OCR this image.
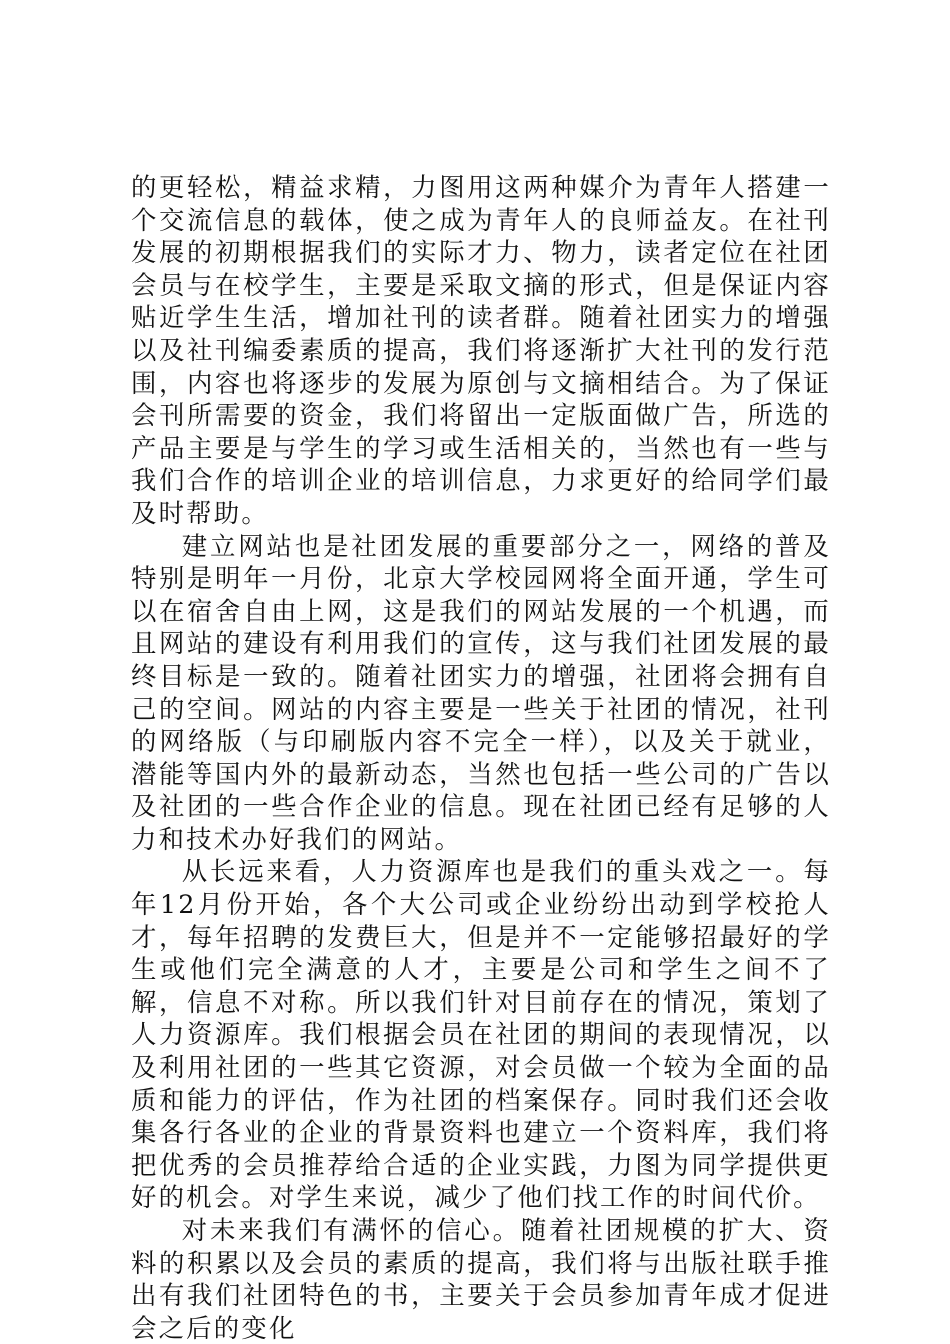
的更轻松，精益求精，力图用这两种媒介为青年人搭建一个交流信息的载体，使之成为青年人的良师益友。在社刊发展的初期根据我们的实际才力、物力，读者定位在社团会员与在校学生，主要是采取文摘的形式，但是保证内容贴近学生生活，增加社刊的读者群。随着社团实力的增强以及社刊编委素质的提高，我们将逐渐扩大社刊的发行范围，内容也将逐步的发展为原创与文摘相结合。为了保证会刊所需要的资金，我们将留出一定版面做广告，所选的产品主要是与学生的学习或生活相关的，当然也有一些与我们合作的培训企业的培训信息，力求更好的给同学们最及时帮助。

建立网站也是社团发展的重要部分之一，网络的普及特别是明年一月份，北京大学校园网将全面开通，学生可以在宿舍自由上网，这是我们的网站发展的一个机遇，而且网站的建设有利用我们的宣传，这与我们社团发展的最终目标是一致的。随着社团实力的增强，社团将会拥有自己的空间。网站的内容主要是一些关于社团的情况，社刊的网络版（与印刷版内容不完全一样），以及关于就业，潜能等国内外的最新动态，当然也包括一些公司的广告以及社团的一些合作企业的信息。现在社团已经有足够的人力和技术办好我们的网站。

从长远来看，人力资源库也是我们的重头戏之一。每年12月份开始，各个大公司或企业纷纷出动到学校抢人才，每年招聘的发费巨大，但是并不一定能够招最好的学生或他们完全满意的人才，主要是公司和学生之间不了解，信息不对称。所以我们针对目前存在的情况，策划了人力资源库。我们根据会员在社团的期间的表现情况，以及利用社团的一些其它资源，对会员做一个较为全面的品质和能力的评估，作为社团的档案保存。同时我们还会收集各行各业的企业的背景资料也建立一个资料库，我们将把优秀的会员推荐给合适的企业实践，力图为同学提供更好的机会。对学生来说，减少了他们找工作的时间代价。

对未来我们有满怀的信心。随着社团规模的扩大、资料的积累以及会员的素质的提高，我们将与出版社联手推出有我们社团特色的书，主要关于会员参加青年成才促进会之后的变化
